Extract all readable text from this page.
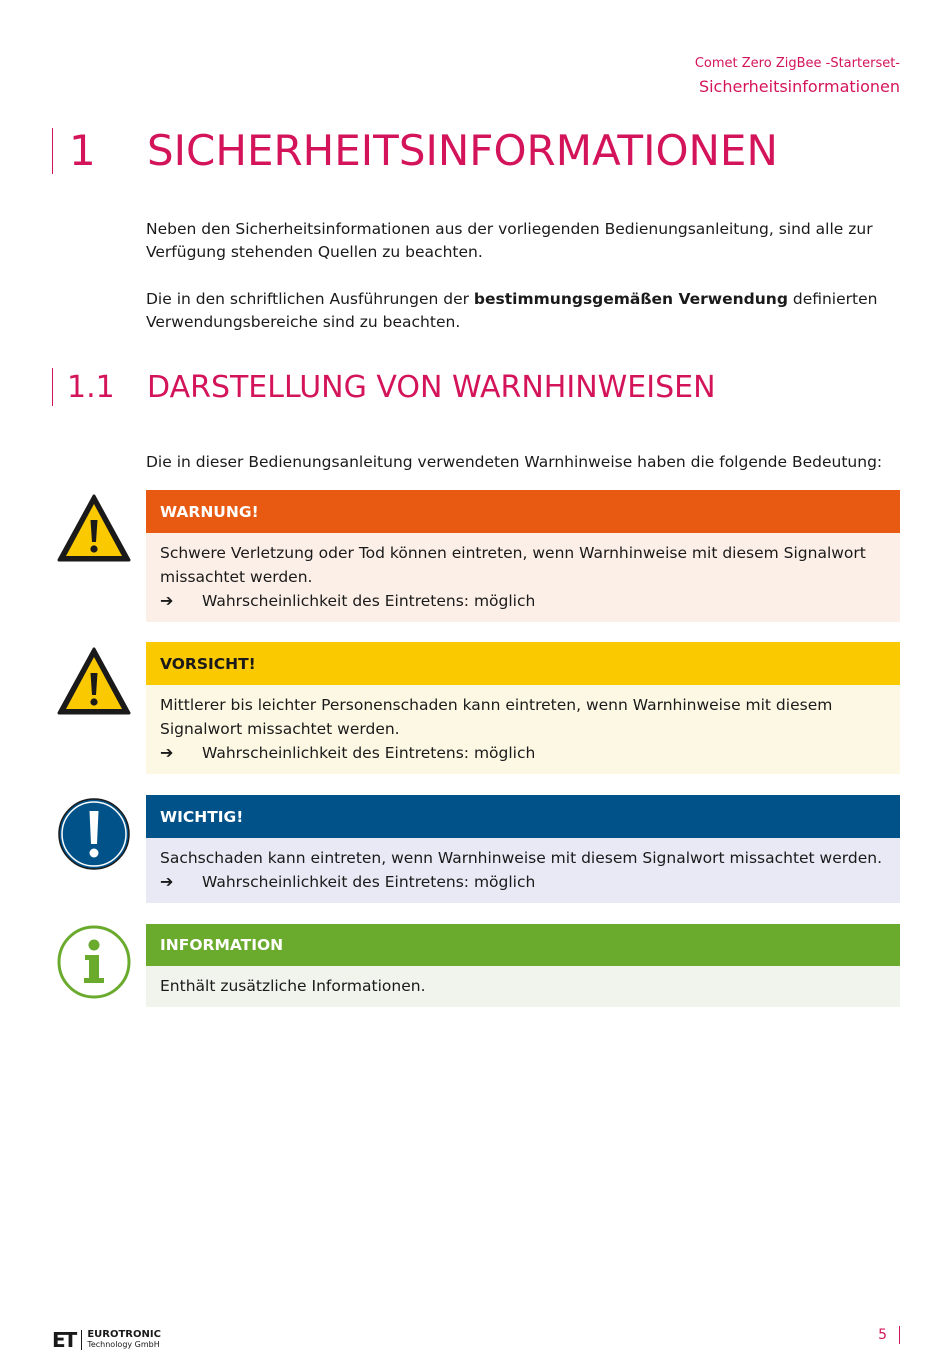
Comet Zero ZigBee -Starterset-
Sicherheitsinformationen
1 SICHERHEITSINFORMATIONEN
Neben den Sicherheitsinformationen aus der vorliegenden Bedienungsanleitung, sind alle zur Verfügung stehenden Quellen zu beachten.
Die in den schriftlichen Ausführungen der bestimmungsgemäßen Verwendung definierten Verwendungsbereiche sind zu beachten.
1.1 DARSTELLUNG VON WARNHINWEISEN
Die in dieser Bedienungsanleitung verwendeten Warnhinweise haben die folgende Bedeutung:
WARNUNG!
Schwere Verletzung oder Tod können eintreten, wenn Warnhinweise mit diesem Signalwort missachtet werden.
➔	Wahrscheinlichkeit des Eintretens: möglich
VORSICHT!
Mittlerer bis leichter Personenschaden kann eintreten, wenn Warnhinweise mit diesem Signalwort missachtet werden.
➔	Wahrscheinlichkeit des Eintretens: möglich
WICHTIG!
Sachschaden kann eintreten, wenn Warnhinweise mit diesem Signalwort missachtet werden.
➔	Wahrscheinlichkeit des Eintretens: möglich
INFORMATION
Enthält zusätzliche Informationen.
ET EUROTRONIC
Technology GmbH
5
